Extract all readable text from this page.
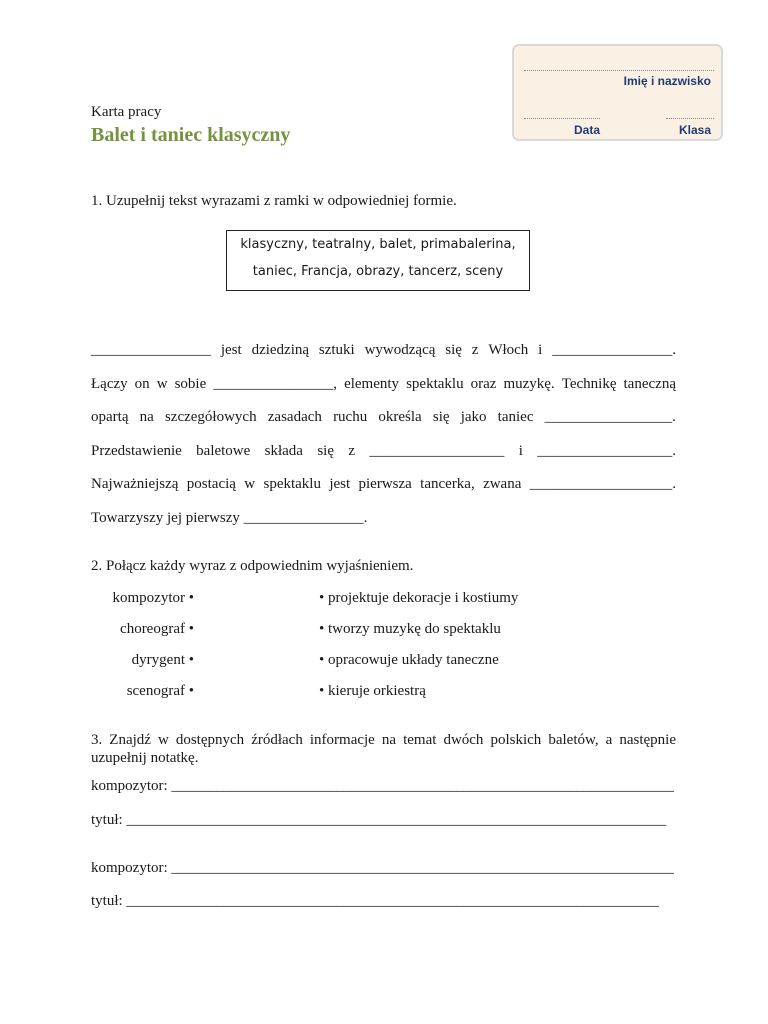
Imię i nazwisko
Data	Klasa
Karta pracy
Balet i taniec klasyczny
1. Uzupełnij tekst wyrazami z ramki w odpowiedniej formie.
klasyczny, teatralny, balet, primabalerina,
taniec, Francja, obrazy, tancerz, sceny
________________ jest dziedziną sztuki wywodzącą się z Włoch i ________________.
Łączy on w sobie ________________, elementy spektaklu oraz muzykę. Technikę taneczną
opartą na szczegółowych zasadach ruchu określa się jako taniec _________________.
Przedstawienie baletowe składa się z __________________ i __________________.
Najważniejszą postacią w spektaklu jest pierwsza tancerka, zwana ___________________.
Towarzyszy jej pierwszy ________________.
2. Połącz każdy wyraz z odpowiednim wyjaśnieniem.
kompozytor •
choreograf •
dyrygent •
scenograf •
• projektuje dekoracje i kostiumy
• tworzy muzykę do spektaklu
• opracowuje układy taneczne
• kieruje orkiestrą
3. Znajdź w dostępnych źródłach informacje na temat dwóch polskich baletów, a następnie
uzupełnij notatkę.
kompozytor: ___________________________________________________________________
tytuł: ________________________________________________________________________
kompozytor: ___________________________________________________________________
tytuł: _______________________________________________________________________
